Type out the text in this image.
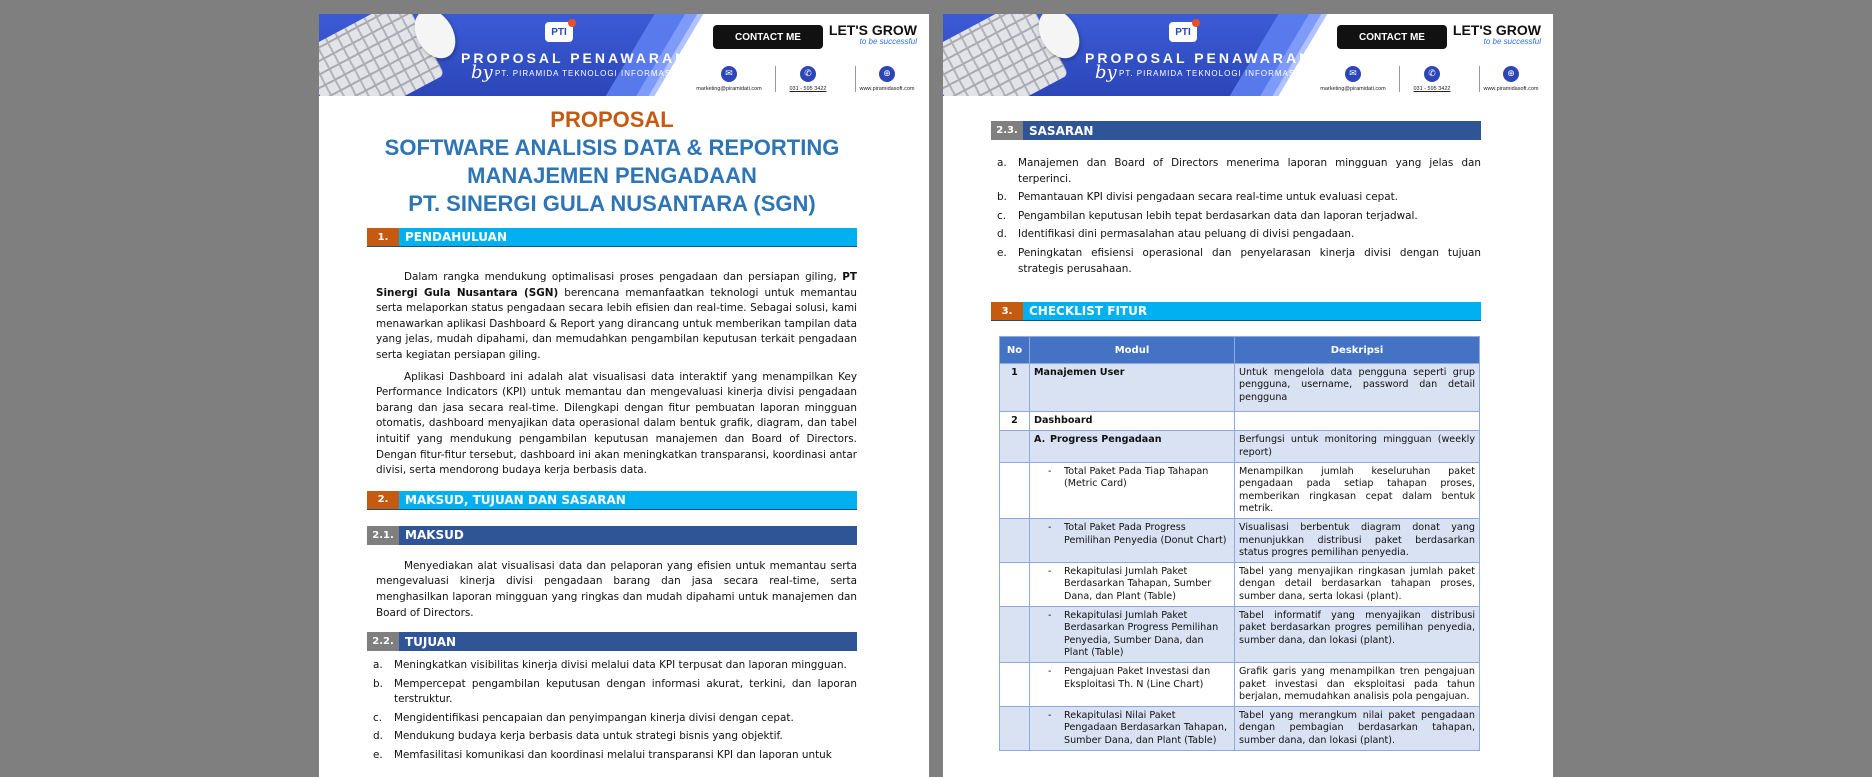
PTI
PROPOSAL PENAWARAN
by PT. PIRAMIDA TEKNOLOGI INFORMASI
CONTACT ME	LET'S GROW
to be successful
✉
marketing@piramidati.com
✆
031 - 595 3422
⊕
www.piramidasoft.com
PROPOSAL
SOFTWARE ANALISIS DATA & REPORTING
MANAJEMEN PENGADAAN
PT. SINERGI GULA NUSANTARA (SGN)
1.	PENDAHULUAN

Dalam rangka mendukung optimalisasi proses pengadaan dan persiapan giling, PT Sinergi Gula Nusantara (SGN) berencana memanfaatkan teknologi untuk memantau serta melaporkan status pengadaan secara lebih efisien dan real-time. Sebagai solusi, kami menawarkan aplikasi Dashboard & Report yang dirancang untuk memberikan tampilan data yang jelas, mudah dipahami, dan memudahkan pengambilan keputusan terkait pengadaan serta kegiatan persiapan giling.

Aplikasi Dashboard ini adalah alat visualisasi data interaktif yang menampilkan Key Performance Indicators (KPI) untuk memantau dan mengevaluasi kinerja divisi pengadaan barang dan jasa secara real-time. Dilengkapi dengan fitur pembuatan laporan mingguan otomatis, dashboard menyajikan data operasional dalam bentuk grafik, diagram, dan tabel intuitif yang mendukung pengambilan keputusan manajemen dan Board of Directors. Dengan fitur-fitur tersebut, dashboard ini akan meningkatkan transparansi, koordinasi antar divisi, serta mendorong budaya kerja berbasis data.

2.	MAKSUD, TUJUAN DAN SASARAN
2.1. MAKSUD

Menyediakan alat visualisasi data dan pelaporan yang efisien untuk memantau serta mengevaluasi kinerja divisi pengadaan barang dan jasa secara real-time, serta menghasilkan laporan mingguan yang ringkas dan mudah dipahami untuk manajemen dan Board of Directors.

2.2. TUJUAN
a. Meningkatkan visibilitas kinerja divisi melalui data KPI terpusat dan laporan mingguan.
b. Mempercepat pengambilan keputusan dengan informasi akurat, terkini, dan laporan terstruktur.
c. Mengidentifikasi pencapaian dan penyimpangan kinerja divisi dengan cepat.
d. Mendukung budaya kerja berbasis data untuk strategi bisnis yang objektif.
e. Memfasilitasi komunikasi dan koordinasi melalui transparansi KPI dan laporan untuk
PTI
PROPOSAL PENAWARAN
by PT. PIRAMIDA TEKNOLOGI INFORMASI
CONTACT ME	LET'S GROW
to be successful
✉
marketing@piramidati.com
✆
031 - 595 3422
⊕
www.piramidasoft.com
2.3. SASARAN
a. Manajemen dan Board of Directors menerima laporan mingguan yang jelas dan terperinci.
b. Pemantauan KPI divisi pengadaan secara real-time untuk evaluasi cepat.
c. Pengambilan keputusan lebih tepat berdasarkan data dan laporan terjadwal.
d. Identifikasi dini permasalahan atau peluang di divisi pengadaan.
e. Peningkatan efisiensi operasional dan penyelarasan kinerja divisi dengan tujuan strategis perusahaan.
3.	CHECKLIST FITUR
No	Modul	Deskripsi
1	Manajemen User	Untuk mengelola data pengguna seperti grup pengguna, username, password dan detail pengguna
2	Dashboard	

	A. Progress Pengadaan	Berfungsi untuk monitoring mingguan (weekly report)

	- Total Paket Pada Tiap Tahapan (Metric Card)	Menampilkan jumlah keseluruhan paket pengadaan pada setiap tahapan proses, memberikan ringkasan cepat dalam bentuk metrik.

	- Total Paket Pada Progress Pemilihan Penyedia (Donut Chart)	Visualisasi berbentuk diagram donat yang menunjukkan distribusi paket berdasarkan status progres pemilihan penyedia.

	- Rekapitulasi Jumlah Paket Berdasarkan Tahapan, Sumber Dana, dan Plant (Table)	Tabel yang menyajikan ringkasan jumlah paket dengan detail berdasarkan tahapan proses, sumber dana, serta lokasi (plant).

	- Rekapitulasi Jumlah Paket Berdasarkan Progress Pemilihan Penyedia, Sumber Dana, dan Plant (Table)	Tabel informatif yang menyajikan distribusi paket berdasarkan progres pemilihan penyedia, sumber dana, dan lokasi (plant).

	- Pengajuan Paket Investasi dan Eksploitasi Th. N (Line Chart)	Grafik garis yang menampilkan tren pengajuan paket investasi dan eksploitasi pada tahun berjalan, memudahkan analisis pola pengajuan.

	- Rekapitulasi Nilai Paket Pengadaan Berdasarkan Tahapan, Sumber Dana, dan Plant (Table)	Tabel yang merangkum nilai paket pengadaan dengan pembagian berdasarkan tahapan, sumber dana, dan lokasi (plant).
